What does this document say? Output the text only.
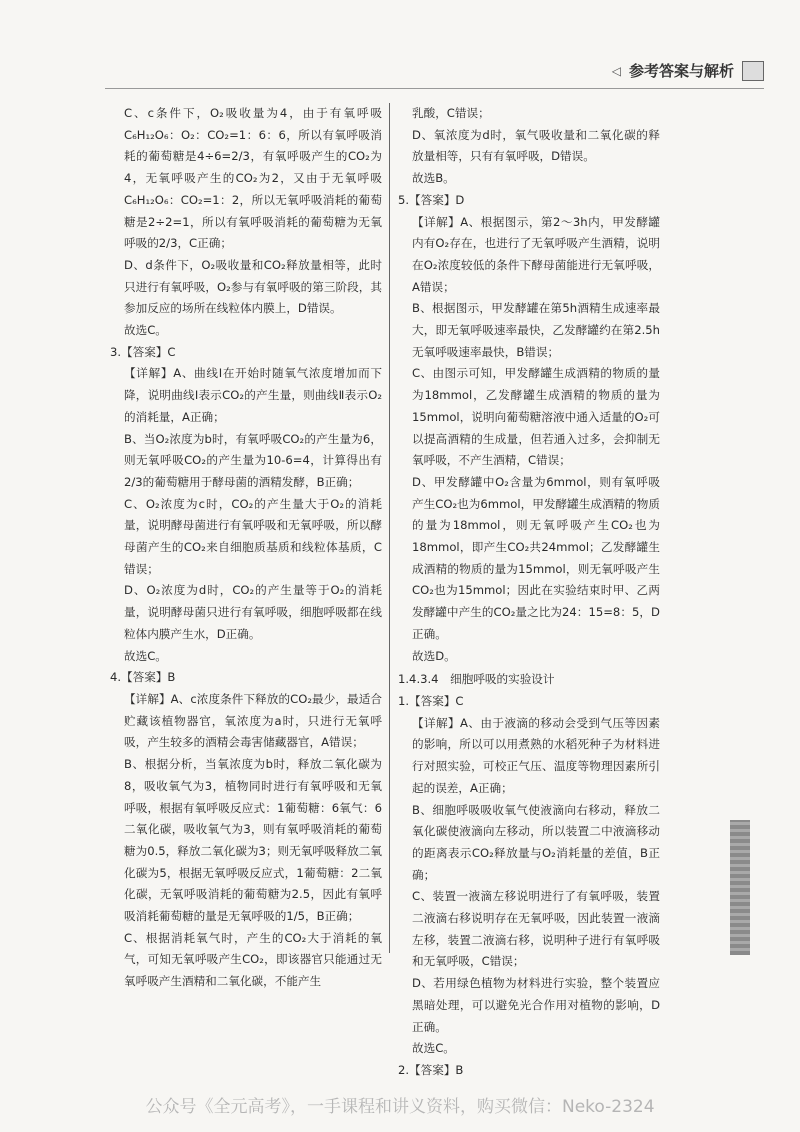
◁ 参考答案与解析

C、c条件下，O₂吸收量为4，由于有氧呼吸C₆H₁₂O₆：O₂：CO₂=1：6：6，所以有氧呼吸消耗的葡萄糖是4÷6=2/3，有氧呼吸产生的CO₂为4，无氧呼吸产生的CO₂为2，又由于无氧呼吸C₆H₁₂O₆：CO₂=1：2，所以无氧呼吸消耗的葡萄糖是2÷2=1，所以有氧呼吸消耗的葡萄糖为无氧呼吸的2/3，C正确；

D、d条件下，O₂吸收量和CO₂释放量相等，此时只进行有氧呼吸，O₂参与有氧呼吸的第三阶段，其参加反应的场所在线粒体内膜上，D错误。

故选C。

3.【答案】C

【详解】A、曲线Ⅰ在开始时随氧气浓度增加而下降，说明曲线Ⅰ表示CO₂的产生量，则曲线Ⅱ表示O₂的消耗量，A正确；

B、当O₂浓度为b时，有氧呼吸CO₂的产生量为6，则无氧呼吸CO₂的产生量为10-6=4，计算得出有2/3的葡萄糖用于酵母菌的酒精发酵，B正确；

C、O₂浓度为c时，CO₂的产生量大于O₂的消耗量，说明酵母菌进行有氧呼吸和无氧呼吸，所以酵母菌产生的CO₂来自细胞质基质和线粒体基质，C错误；

D、O₂浓度为d时，CO₂的产生量等于O₂的消耗量，说明酵母菌只进行有氧呼吸，细胞呼吸都在线粒体内膜产生水，D正确。

故选C。

4.【答案】B

【详解】A、c浓度条件下释放的CO₂最少，最适合贮藏该植物器官，氧浓度为a时，只进行无氧呼吸，产生较多的酒精会毒害储藏器官，A错误；

B、根据分析，当氧浓度为b时，释放二氧化碳为8，吸收氧气为3，植物同时进行有氧呼吸和无氧呼吸，根据有氧呼吸反应式：1葡萄糖：6氧气：6二氧化碳，吸收氧气为3，则有氧呼吸消耗的葡萄糖为0.5，释放二氧化碳为3；则无氧呼吸释放二氧化碳为5，根据无氧呼吸反应式，1葡萄糖：2二氧化碳，无氧呼吸消耗的葡萄糖为2.5，因此有氧呼吸消耗葡萄糖的量是无氧呼吸的1/5，B正确；

C、根据消耗氧气时，产生的CO₂大于消耗的氧气，可知无氧呼吸产生CO₂，即该器官只能通过无氧呼吸产生酒精和二氧化碳，不能产生

乳酸，C错误；

D、氧浓度为d时，氧气吸收量和二氧化碳的释放量相等，只有有氧呼吸，D错误。

故选B。

5.【答案】D

【详解】A、根据图示，第2～3h内，甲发酵罐内有O₂存在，也进行了无氧呼吸产生酒精，说明在O₂浓度较低的条件下酵母菌能进行无氧呼吸，A错误；

B、根据图示，甲发酵罐在第5h酒精生成速率最大，即无氧呼吸速率最快，乙发酵罐约在第2.5h无氧呼吸速率最快，B错误；

C、由图示可知，甲发酵罐生成酒精的物质的量为18mmol，乙发酵罐生成酒精的物质的量为15mmol，说明向葡萄糖溶液中通入适量的O₂可以提高酒精的生成量，但若通入过多，会抑制无氧呼吸，不产生酒精，C错误；

D、甲发酵罐中O₂含量为6mmol，则有氧呼吸产生CO₂也为6mmol，甲发酵罐生成酒精的物质的量为18mmol，则无氧呼吸产生CO₂也为18mmol，即产生CO₂共24mmol；乙发酵罐生成酒精的物质的量为15mmol，则无氧呼吸产生CO₂也为15mmol；因此在实验结束时甲、乙两发酵罐中产生的CO₂量之比为24：15=8：5，D正确。

故选D。

1.4.3.4　细胞呼吸的实验设计

1.【答案】C

【详解】A、由于液滴的移动会受到气压等因素的影响，所以可以用煮熟的水稻死种子为材料进行对照实验，可校正气压、温度等物理因素所引起的误差，A正确；

B、细胞呼吸吸收氧气使液滴向右移动，释放二氧化碳使液滴向左移动，所以装置二中液滴移动的距离表示CO₂释放量与O₂消耗量的差值，B正确；

C、装置一液滴左移说明进行了有氧呼吸，装置二液滴右移说明存在无氧呼吸，因此装置一液滴左移，装置二液滴右移，说明种子进行有氧呼吸和无氧呼吸，C错误；

D、若用绿色植物为材料进行实验，整个装置应黑暗处理，可以避免光合作用对植物的影响，D正确。

故选C。

2.【答案】B

公众号《全元高考》，一手课程和讲义资料，购买微信：Neko-2324
